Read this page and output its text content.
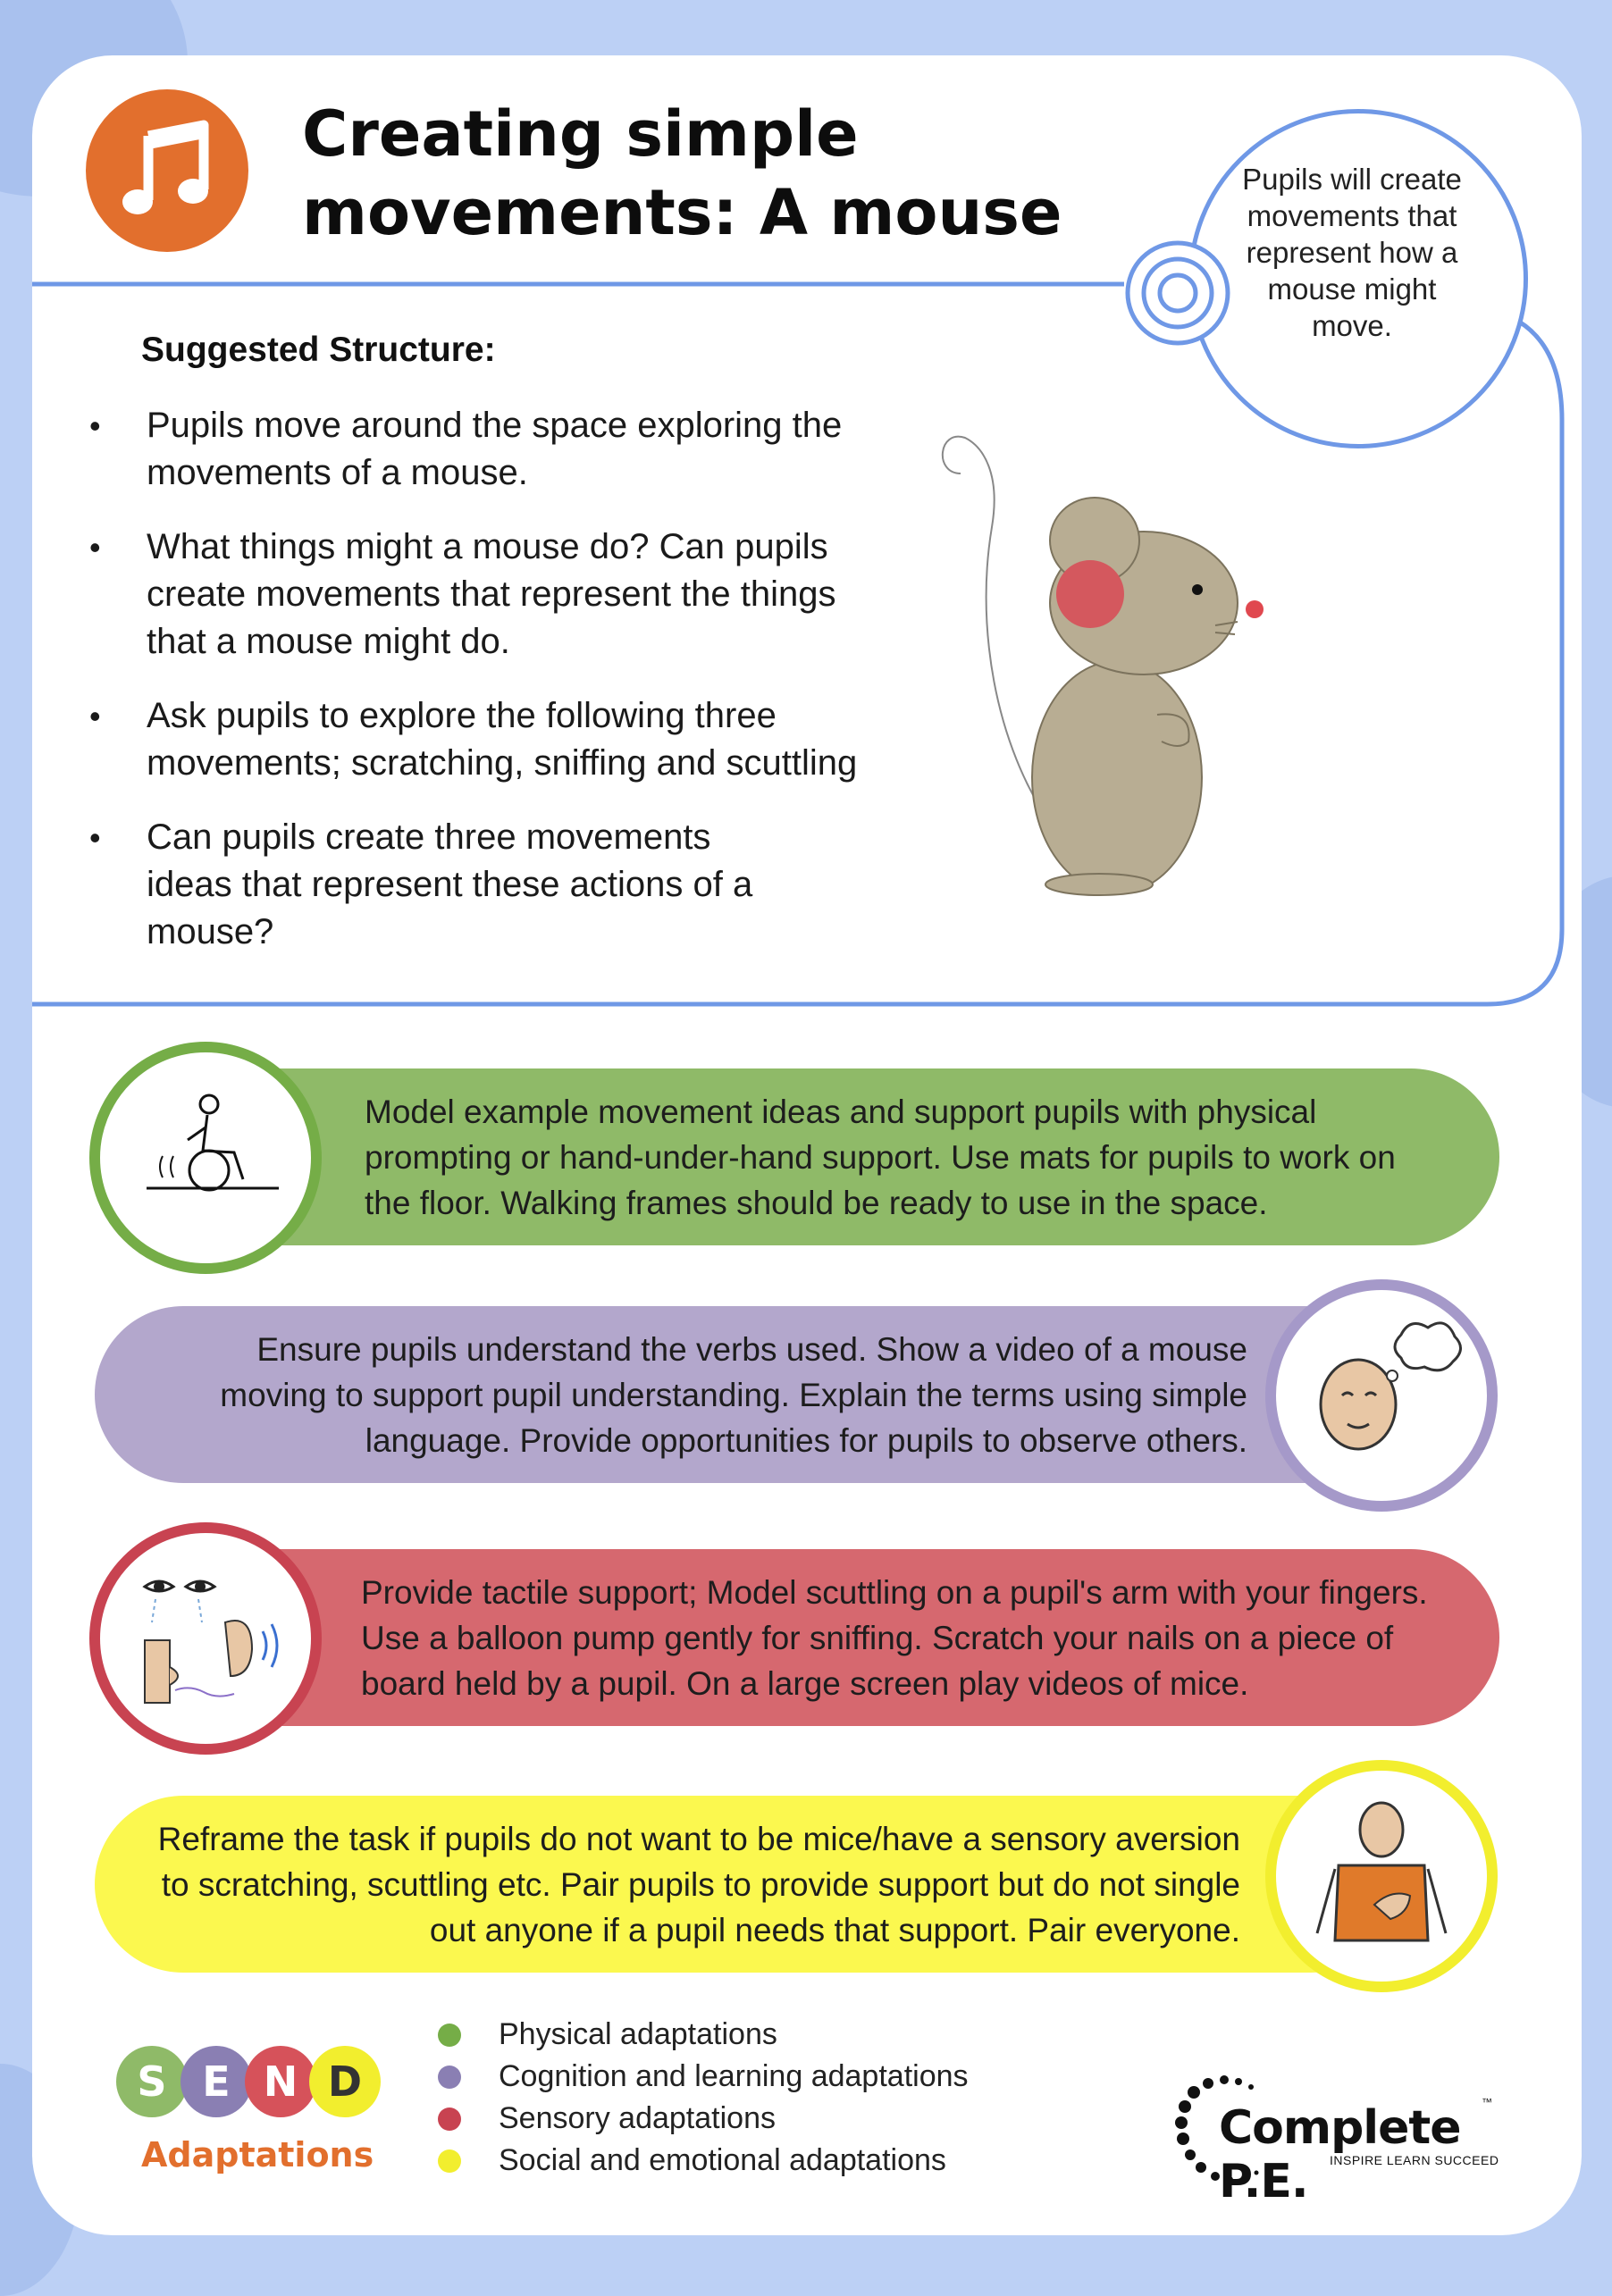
Creating simple
movements: A mouse	Pupils will create movements that represent how a mouse might move.
Suggested Structure:
• Pupils move around the space exploring the movements of a mouse.
• What things might a mouse do? Can pupils create movements that represent the things that a mouse might do.
• Ask pupils to explore the following three movements; scratching, sniffing and scuttling
• Can pupils create three movements ideas that represent these actions of a mouse?
Model example movement ideas and support pupils with physical prompting or hand-under-hand support. Use mats for pupils to work on the floor. Walking frames should be ready to use in the space.
Ensure pupils understand the verbs used. Show a video of a mouse moving to support pupil understanding. Explain the terms using simple language. Provide opportunities for pupils to observe others.
Provide tactile support; Model scuttling on a pupil's arm with your fingers. Use a balloon pump gently for sniffing. Scratch your nails on a piece of board held by a pupil. On a large screen play videos of mice.
Reframe the task if pupils do not want to be mice/have a sensory aversion to scratching, scuttling etc. Pair pupils to provide support but do not single out anyone if a pupil needs that support. Pair everyone.
S E N D
Adaptations
Physical adaptations
Cognition and learning adaptations
Sensory adaptations
Social and emotional adaptations
Complete P.E.
™
INSPIRE LEARN SUCCEED
